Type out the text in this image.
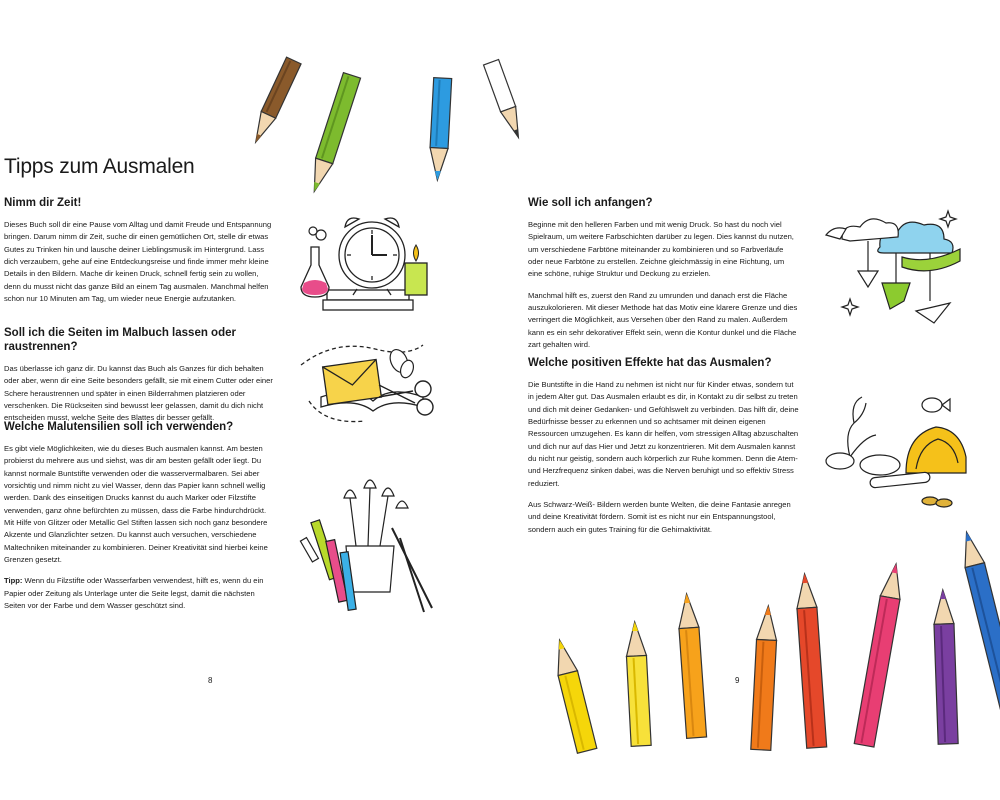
Tipps zum Ausmalen
Nimm dir Zeit!

Dieses Buch soll dir eine Pause vom Alltag und damit Freude und Entspannung bringen. Darum nimm dir Zeit, suche dir einen gemütlichen Ort, stelle dir etwas Gutes zu Trinken hin und lausche deiner Lieblingsmusik im Hintergrund. Lass dich verzaubern, gehe auf eine Entdeckungsreise und finde immer mehr kleine Details in den Bildern. Mache dir keinen Druck, schnell fertig sein zu wollen, denn du musst nicht das ganze Bild an einem Tag ausmalen. Manchmal helfen schon nur 10 Minuten am Tag, um wieder neue Energie aufzutanken.

Soll ich die Seiten im Malbuch lassen oder raustrennen?

Das überlasse ich ganz dir. Du kannst das Buch als Ganzes für dich behalten oder aber, wenn dir eine Seite besonders gefällt, sie mit einem Cutter oder einer Schere heraustrennen und später in einen Bilderrahmen platzieren oder verschenken. Die Rückseiten sind bewusst leer gelassen, damit du dich nicht entscheiden musst, welche Seite des Blattes dir besser gefällt.

Welche Malutensilien soll ich verwenden?

Es gibt viele Möglichkeiten, wie du dieses Buch ausmalen kannst. Am besten probierst du mehrere aus und siehst, was dir am besten gefällt oder liegt. Du kannst normale Buntstifte verwenden oder die wasservermalbaren. Sei aber vorsichtig und nimm nicht zu viel Wasser, denn das Papier kann schnell wellig werden. Dank des einseitigen Drucks kannst du auch Marker oder Filzstifte verwenden, ganz ohne befürchten zu müssen, dass die Farbe hindurchdrückt. Mit Hilfe von Glitzer oder Metallic Gel Stiften lassen sich noch ganz besondere Akzente und Glanzlichter setzen. Du kannst auch versuchen, verschiedene Maltechniken miteinander zu kombinieren. Deiner Kreativität sind hierbei keine Grenzen gesetzt.

Tipp: Wenn du Filzstifte oder Wasserfarben verwendest, hilft es, wenn du ein Papier oder Zeitung als Unterlage unter die Seite legst, damit die nächsten Seiten vor der Farbe und dem Wasser geschützt sind.

8
Wie soll ich anfangen?

Beginne mit den helleren Farben und mit wenig Druck. So hast du noch viel Spielraum, um weitere Farbschichten darüber zu legen. Dies kannst du nutzen, um verschiedene Farbtöne miteinander zu kombinieren und so Farbverläufe oder neue Farbtöne zu erstellen. Zeichne gleichmässig in eine Richtung, um eine schöne, ruhige Struktur und Deckung zu erzielen.

Manchmal hilft es, zuerst den Rand zu umrunden und danach erst die Fläche auszukolorieren. Mit dieser Methode hat das Motiv eine klarere Grenze und dies verringert die Möglichkeit, aus Versehen über den Rand zu malen. Außerdem kann es ein sehr dekorativer Effekt sein, wenn die Kontur dunkel und die Fläche zart gehalten wird.

Welche positiven Effekte hat das Ausmalen?

Die Buntstifte in die Hand zu nehmen ist nicht nur für Kinder etwas, sondern tut in jedem Alter gut. Das Ausmalen erlaubt es dir, in Kontakt zu dir selbst zu treten und dich mit deiner Gedanken- und Gefühlswelt zu verbinden. Das hilft dir, deine Bedürfnisse besser zu erkennen und so achtsamer mit deinen eigenen Ressourcen umzugehen. Es kann dir helfen, vom stressigen Alltag abzuschalten und dich nur auf das Hier und Jetzt zu konzentrieren. Mit dem Ausmalen kannst du nicht nur geistig, sondern auch körperlich zur Ruhe kommen. Denn die Atem- und Herzfrequenz sinken dabei, was die Nerven beruhigt und so effektiv Stress reduziert.

Aus Schwarz-Weiß- Bildern werden bunte Welten, die deine Fantasie anregen und deine Kreativität fördern. Somit ist es nicht nur ein Entspannungstool, sondern auch ein gutes Training für die Gehirnaktivität.

9
